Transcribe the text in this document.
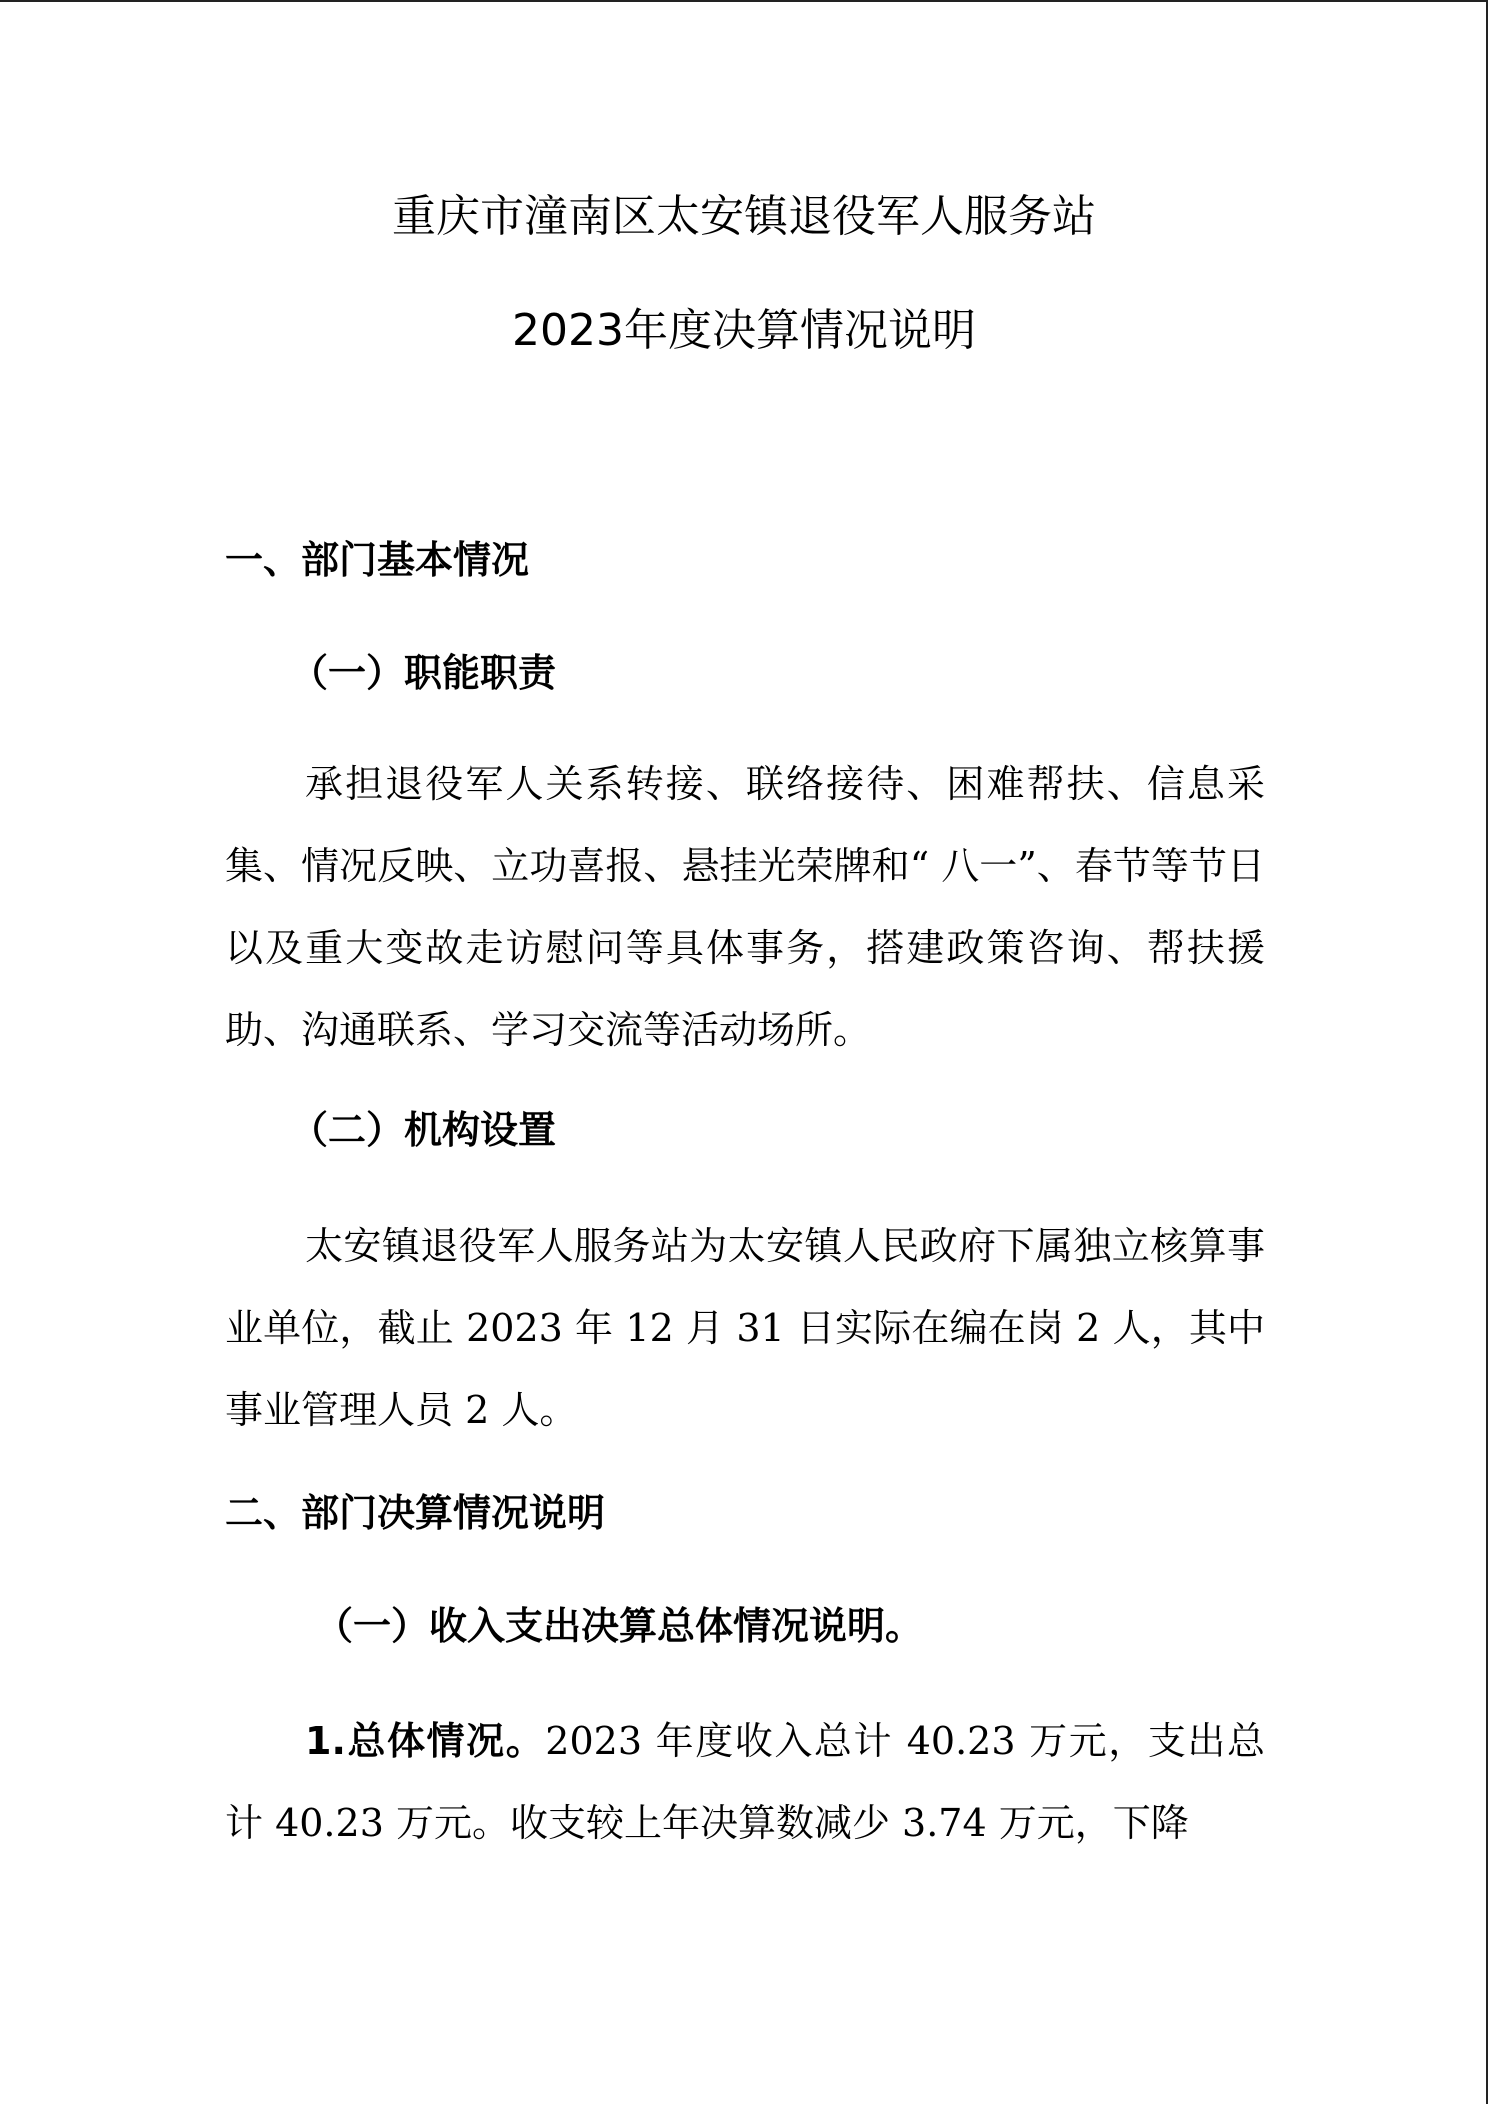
重庆市潼南区太安镇退役军人服务站
2023年度决算情况说明
一、部门基本情况
（一）职能职责

承担退役军人关系转接、联络接待、困难帮扶、信息采集、情况反映、立功喜报、悬挂光荣牌和“ 八一”、春节等节日以及重大变故走访慰问等具体事务，搭建政策咨询、帮扶援助、沟通联系、学习交流等活动场所。

（二）机构设置

太安镇退役军人服务站为太安镇人民政府下属独立核算事业单位，截止 2023 年 12 月 31 日实际在编在岗 2 人，其中事业管理人员 2 人。

二、部门决算情况说明
（一）收入支出决算总体情况说明。

1.总体情况。2023 年度收入总计 40.23 万元，支出总计 40.23 万元。收支较上年决算数减少 3.74 万元，下降
